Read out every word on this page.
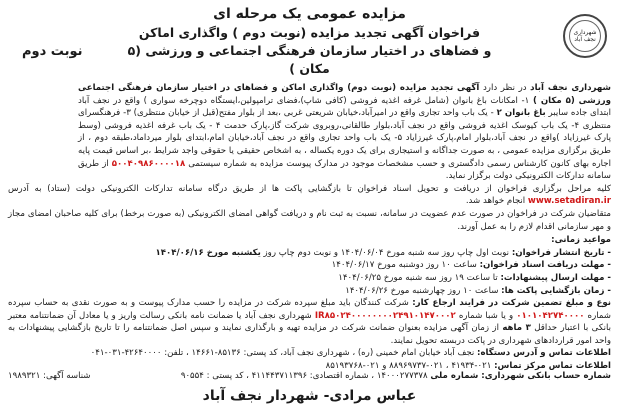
شهرداری نجف آباد
مزایده عمومی یک مرحله ای
فراخوان آگهی تجدید مزایده (نوبت دوم ) واگذاری اماکن
و فضاهای در اختیار سازمان فرهنگی اجتماعی و ورزشی (۵ مکان )
نوبت دوم

شهرداری نجف آباد در نظر دارد آگهی تجدید مزایده (نوبت دوم) واگذاری اماکن و فضاهای در اختیار سازمان فرهنگی اجتماعی ورزشی (۵ مکان ) ۱- امکانات باغ بانوان (شامل غرفه اغذیه فروشی (کافی شاپ)،فضای ترامپولین،ایستگاه دوچرخه سواری ) واقع در نجف آباد ابتدای جاده سایبر باغ بانوان ۲ - یک باب واحد تجاری واقع در امیرآباد،خیابان شریعتی غربی ،بعد از بلوار مفتح(قبل از خیابان منتظری) ۳- فرهنگسرای منتظری ۴- یک باب کیوسک اغذیه فروشی واقع در نجف آباد،بلوار طالقانی،روبروی شرکت گاز،پارک حدمت ۴ - یک باب غرفه اغذیه فروشی (وسط پارک غیرزایاد )واقع در نجف آباد،بلوار امام،پارک غیرزایاد ۵- یک باب واحد تجاری واقع در نجف آباد،خیابان امام،ابتدای بلوار میرداماد،طبقه دوم ، از طریق برگزاری مزایده عمومی ، به صورت جداگانه و استیجاری برای یک دوره یکساله ، به اشخاص حقیقی یا حقوقی واجد شرایط ،بر اساس قیمت پایه اجاره بهای کانون کارشناس رسمی دادگستری و حسب مشخصات موجود در مدارک پیوست مزایده به شماره سیستمی ۵۰۰۴۰۹۸۶۰۰۰۰۱۸ از طریق سامانه تدارکات الکترونیکی دولت برگزار نماید.

کلیه مراحل برگزاری فراخوان از دریافت و تحویل اسناد فراخوان تا بازگشایی پاکت ها از طریق درگاه سامانه تدارکات الکترونیکی دولت (ستاد) به آدرس www.setadiran.ir انجام خواهد شد.

متقاضیان شرکت در فراخوان در صورت عدم عضویت در سامانه، نسبت به ثبت نام و دریافت گواهی امضای الکترونیکی (به صورت برخط) برای کلیه صاحبان امضای مجاز و مهر سازمانی اقدام لازم را به عمل آورند.

مواعید زمانی:
- تاریخ انتشار فراخوان: نوبت اول چاپ روز سه شنبه مورخ ۱۴۰۴/۰۶/۰۴ و نوبت دوم چاپ روز یکشنبه مورخ ۱۴۰۴/۰۶/۱۶
- مهلت دریافت اسناد فراخوان: ساعت ۱۰ روز دوشنبه مورخ ۱۴۰۴/۰۶/۱۷
- مهلت ارسال پیشنهادات: تا ساعت ۱۹ روز سه شنبه مورخ ۱۴۰۴/۰۶/۲۵
- زمان بازگشایی پاکت ها: ساعت ۱۰ روز چهارشنبه مورخ ۱۴۰۴/۰۶/۲۶

نوع و مبلغ تضمین شرکت در فرایند ارجاع کار: شرکت کنندگان باید مبلغ سپرده شرکت در مزایده را حسب مدارک پیوست و به صورت نقدی به حساب سپرده شماره ۰۱۰۱۰۴۲۷۴۰۰۰۰ و یا شبا شماره IR۸۵۰۲۴۰۰۰۰۰۰۰۰۲۴۹۱۰۱۴۷۰۰۰۲ شهرداری نجف آباد یا ضمانت نامه بانکی رسالت واریز و یا معادل آن ضمانتنامه معتبر بانکی با اعتبار حداقل ۳ ماهه از زمان آگهی مزایده بعنوان ضمانت شرکت در مزایده تهیه و بارگذاری نمایند و سپس اصل ضمانتنامه را تا تاریخ بازگشایی پیشنهادات به واحد امور قراردادهای شهرداری در پاکت دربسته تحویل نمایند.

اطلاعات تماس و آدرس دستگاه: نجف آباد خیابان امام خمینی (ره) ، شهرداری نجف آباد، کد پستی: ۸۵۱۳۶-۱۴۶۶۱ ، تلفن: ۴۲۶۴۰۰۰۰-۰۳۱-۰۴۱

اطلاعات تماس مرکز تماس: ۰۲۱-۴۱۹۳۴ ، ۰۲۱-۸۸۹۶۹۷۳۷ و ۰۲۱-۸۵۱۹۳۷۶۸

شماره حساب بانکی شهرداری: شماره ملی ۱۴۰۰۰۲۷۷۳۷۸ ، شماره اقتصادی: ۴۱۱۴۴۳۷۱۱۳۹۶ ، کد پستی : ۹۰۵۵۴
شناسه آگهی: ۱۹۸۹۳۲۱
عباس مرادی- شهردار نجف آباد
